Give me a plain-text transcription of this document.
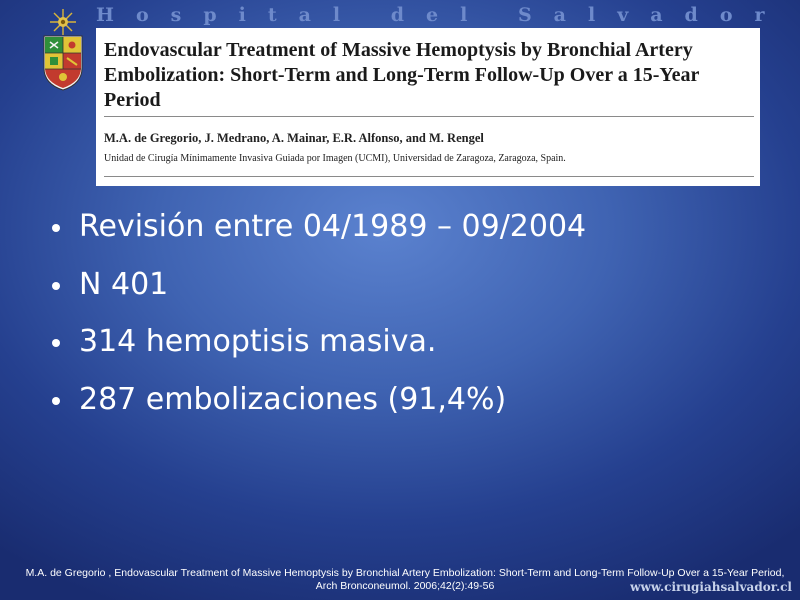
Hospital del Salvador
Endovascular Treatment of Massive Hemoptysis by Bronchial Artery Embolization: Short-Term and Long-Term Follow-Up Over a 15-Year Period
M.A. de Gregorio, J. Medrano, A. Mainar, E.R. Alfonso, and M. Rengel
Unidad de Cirugía Mínimamente Invasiva Guiada por Imagen (UCMI), Universidad de Zaragoza, Zaragoza, Spain.
Revisión entre 04/1989 – 09/2004
N 401
314 hemoptisis masiva.
287 embolizaciones (91,4%)
M.A. de Gregorio , Endovascular Treatment of Massive Hemoptysis by Bronchial Artery Embolization: Short-Term and Long-Term Follow-Up Over a 15-Year Period, Arch Bronconeumol. 2006;42(2):49-56	www.cirugiahsalvador.cl
